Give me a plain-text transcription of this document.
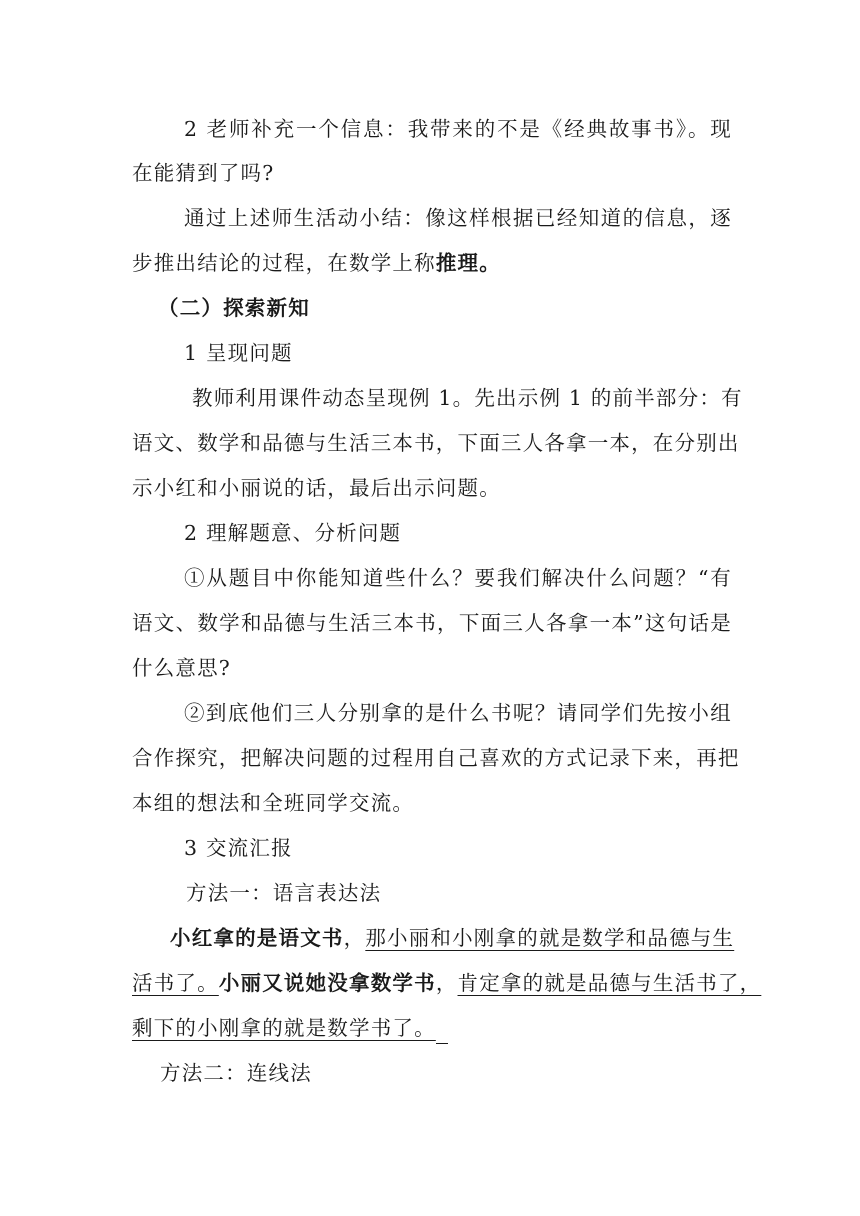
2 老师补充一个信息：我带来的不是《经典故事书》。现
在能猜到了吗?
通过上述师生活动小结：像这样根据已经知道的信息，逐
步推出结论的过程，在数学上称推理。
（二）探索新知
1 呈现问题
教师利用课件动态呈现例 1。先出示例 1 的前半部分：有
语文、数学和品德与生活三本书，下面三人各拿一本，在分别出
示小红和小丽说的话，最后出示问题。
2 理解题意、分析问题
①从题目中你能知道些什么？要我们解决什么问题？“有
语文、数学和品德与生活三本书，下面三人各拿一本”这句话是
什么意思?
②到底他们三人分别拿的是什么书呢？请同学们先按小组
合作探究，把解决问题的过程用自己喜欢的方式记录下来，再把
本组的想法和全班同学交流。
3 交流汇报
方法一：语言表达法
小红拿的是语文书，那小丽和小刚拿的就是数学和品德与生
活书了。小丽又说她没拿数学书，肯定拿的就是品德与生活书了，
剩下的小刚拿的就是数学书了。
方法二：连线法
